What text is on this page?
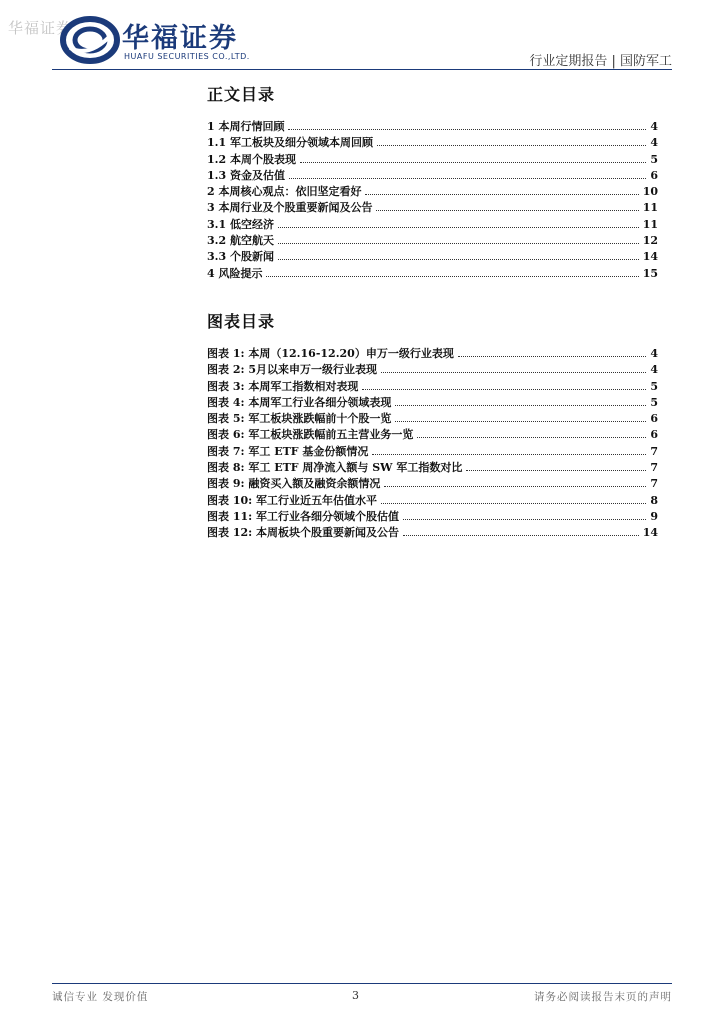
华福证券 华福证券
HUAFU SECURITIES CO.,LTD.	行业定期报告 | 国防军工
正文目录
1 本周行情回顾	4
1.1 军工板块及细分领域本周回顾	4
1.2 本周个股表现	5
1.3 资金及估值	6
2 本周核心观点：依旧坚定看好	10
3 本周行业及个股重要新闻及公告	11
3.1 低空经济	11
3.2 航空航天	12
3.3 个股新闻	14
4 风险提示	15
图表目录
图表 1: 本周（12.16-12.20）申万一级行业表现	4
图表 2: 5月以来申万一级行业表现	4
图表 3: 本周军工指数相对表现	5
图表 4: 本周军工行业各细分领域表现	5
图表 5: 军工板块涨跌幅前十个股一览	6
图表 6: 军工板块涨跌幅前五主营业务一览	6
图表 7: 军工 ETF 基金份额情况	7
图表 8: 军工 ETF 周净流入额与 SW 军工指数对比	7
图表 9: 融资买入额及融资余额情况	7
图表 10: 军工行业近五年估值水平	8
图表 11: 军工行业各细分领域个股估值	9
图表 12: 本周板块个股重要新闻及公告	14
诚信专业 发现价值	3	请务必阅读报告末页的声明
